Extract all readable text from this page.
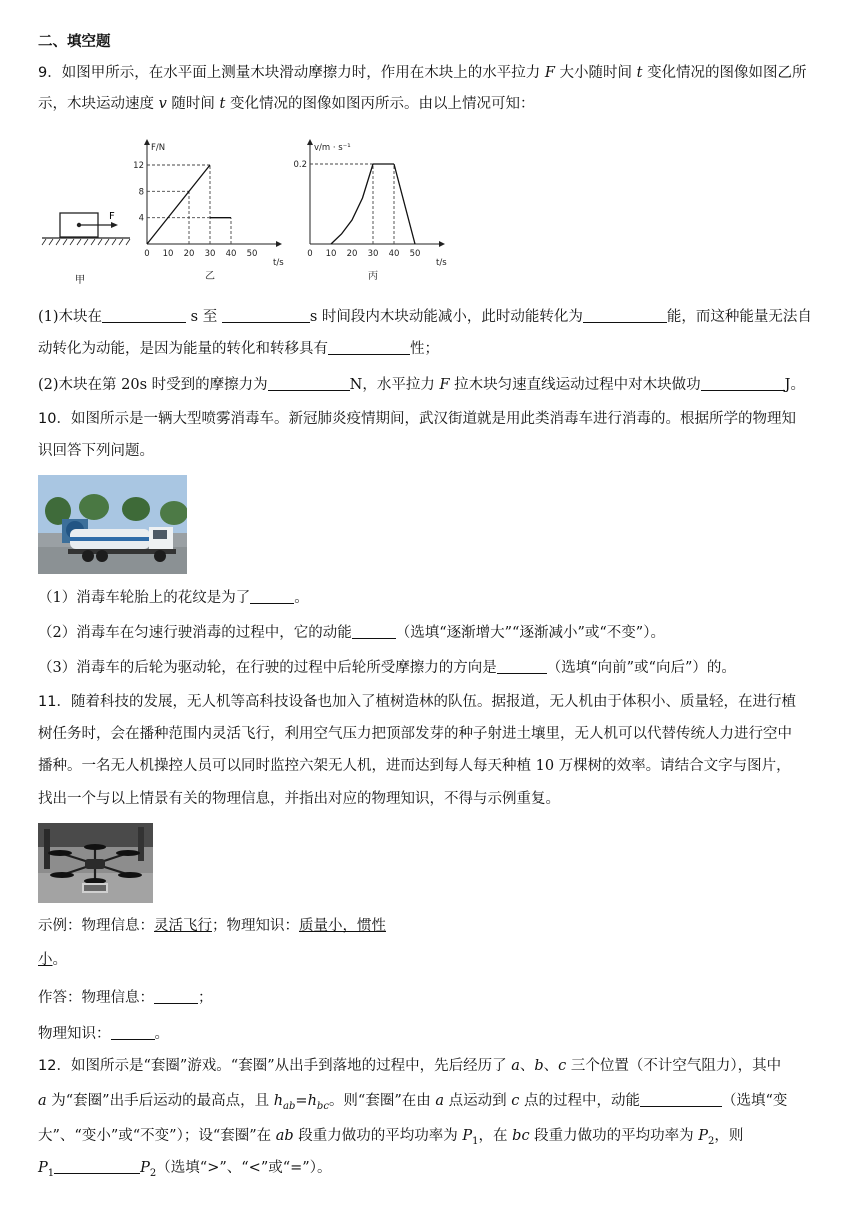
二、填空题
9．如图甲所示，在水平面上测量木块滑动摩擦力时，作用在木块上的水平拉力 F 大小随时间 t 变化情况的图像如图乙所
示，木块运动速度 v 随时间 t 变化情况的图像如图丙所示。由以上情况可知：
F
甲
0 10 20 30 40 50
4
8
12
t/s
F/N
乙
0 10 20 30 40 50
0.2
t/s
v/m · s⁻¹
丙
(1)木块在	s 至	s 时间段内木块动能减小，此时动能转化为	能，而这种能量无法自
动转化为动能，是因为能量的转化和转移具有	性；
(2)木块在第 20s 时受到的摩擦力为	N，水平拉力 F 拉木块匀速直线运动过程中对木块做功	J。
10．如图所示是一辆大型喷雾消毒车。新冠肺炎疫情期间，武汉街道就是用此类消毒车进行消毒的。根据所学的物理知
识回答下列问题。
（1）消毒车轮胎上的花纹是为了	。
（2）消毒车在匀速行驶消毒的过程中，它的动能	（选填“逐渐增大”“逐渐减小”或“不变”）。
（3）消毒车的后轮为驱动轮，在行驶的过程中后轮所受摩擦力的方向是	（选填“向前”或“向后”）的。
11．随着科技的发展，无人机等高科技设备也加入了植树造林的队伍。据报道，无人机由于体积小、质量轻，在进行植
树任务时，会在播种范围内灵活飞行，利用空气压力把顶部发芽的种子射进土壤里，无人机可以代替传统人力进行空中
播种。一名无人机操控人员可以同时监控六架无人机，进而达到每人每天种植 10 万棵树的效率。请结合文字与图片，
找出一个与以上情景有关的物理信息，并指出对应的物理知识，不得与示例重复。
示例：物理信息：灵活飞行；物理知识：质量小，惯性
小。
作答：物理信息：	；
物理知识：	。
12．如图所示是“套圈”游戏。“套圈”从出手到落地的过程中，先后经历了 a、b、c 三个位置（不计空气阻力），其中
a 为“套圈”出手后运动的最高点，且 $h_{ab}=h_{bc}$。则“套圈”在由 a 点运动到 c 点的过程中，动能	（选填“变
大”、“变小”或“不变”）；设“套圈”在 ab 段重力做功的平均功率为 $P_1$，在 bc 段重力做功的平均功率为 $P_2$，则
$P_1$	$P_2$（选填“>”、“<”或“=”）。
